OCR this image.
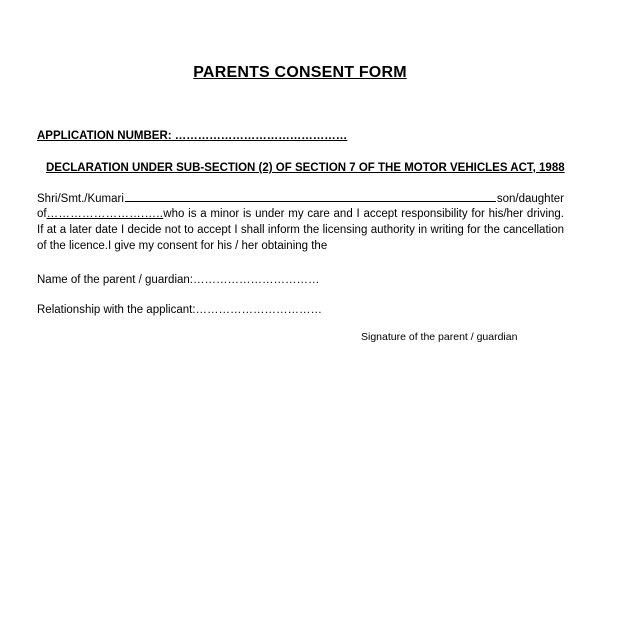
PARENTS CONSENT FORM
APPLICATION NUMBER: ………………………………………
DECLARATION UNDER SUB-SECTION (2) OF SECTION 7 OF THE MOTOR VEHICLES ACT, 1988
Shri/Smt./Kumari	son/daughter
of…………………….…..who is a minor is under my care and I accept responsibility for his/her driving. If at a later date I decide not to accept I shall inform the licensing authority in writing for the cancellation of the licence.I give my consent for his / her obtaining the
Name of the parent / guardian:……………………………
Relationship with the applicant:……………………………
Signature of the parent / guardian
